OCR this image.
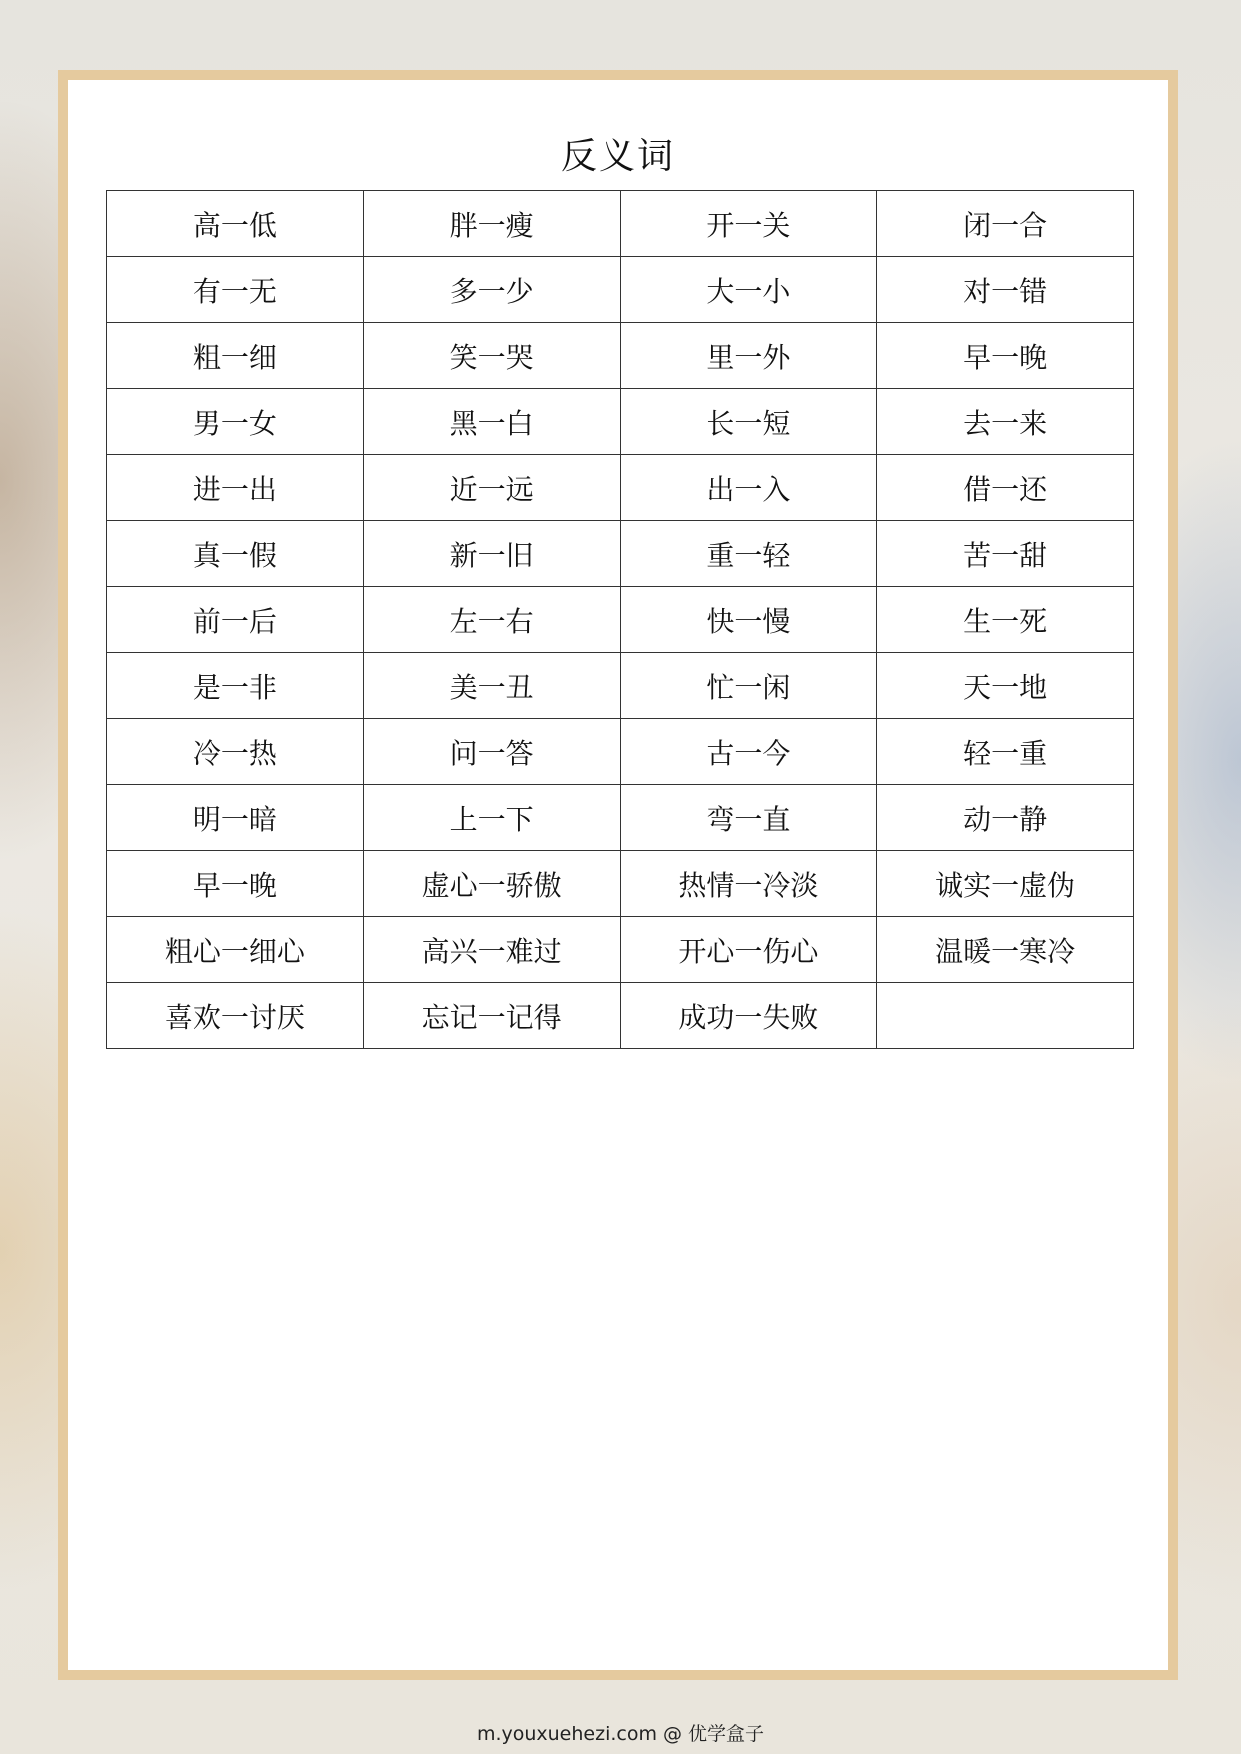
反义词
高一低	胖一瘦	开一关	闭一合
有一无	多一少	大一小	对一错
粗一细	笑一哭	里一外	早一晚
男一女	黑一白	长一短	去一来
进一出	近一远	出一入	借一还
真一假	新一旧	重一轻	苦一甜
前一后	左一右	快一慢	生一死
是一非	美一丑	忙一闲	天一地
冷一热	问一答	古一今	轻一重
明一暗	上一下	弯一直	动一静
早一晚	虚心一骄傲	热情一冷淡	诚实一虚伪
粗心一细心	高兴一难过	开心一伤心	温暖一寒冷
喜欢一讨厌	忘记一记得	成功一失败	
m.youxuehezi.com @ 优学盒子
